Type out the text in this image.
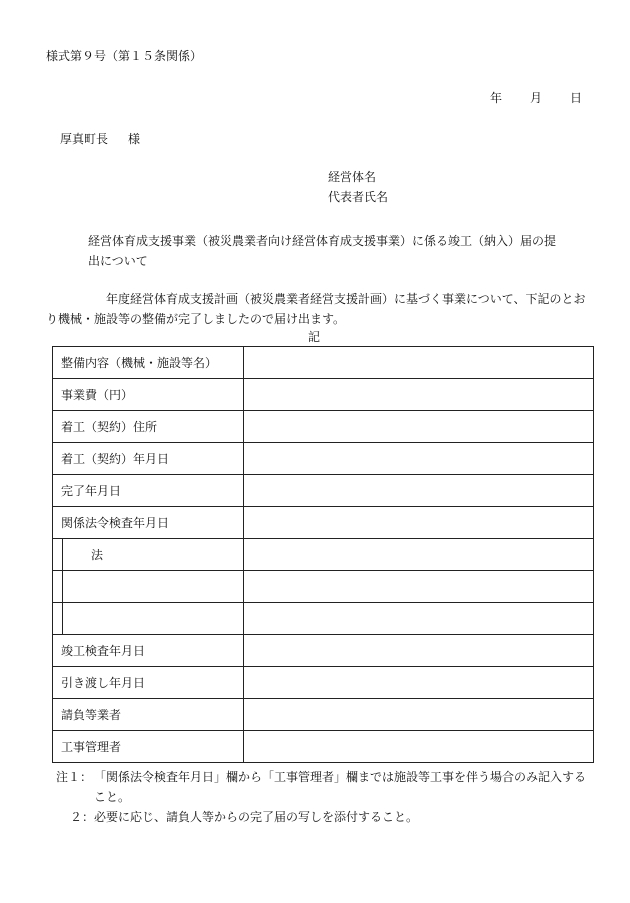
様式第９号（第１５条関係）
年 月 日
厚真町長 様
経営体名
代表者氏名
経営体育成支援事業（被災農業者向け経営体育成支援事業）に係る竣工（納入）届の提出について
年度経営体育成支援計画（被災農業者経営支援計画）に基づく事業について、下記のとおり機械・施設等の整備が完了しましたので届け出ます。
記
整備内容（機械・施設等名）	
事業費（円）	
着工（契約）住所	
着工（契約）年月日	
完了年月日	
関係法令検査年月日	

法	

竣工検査年月日	
引き渡し年月日	
請負等業者	
工事管理者	
注１： 「関係法令検査年月日」欄から「工事管理者」欄までは施設等工事を伴う場合のみ記入すること。
２： 必要に応じ、請負人等からの完了届の写しを添付すること。
